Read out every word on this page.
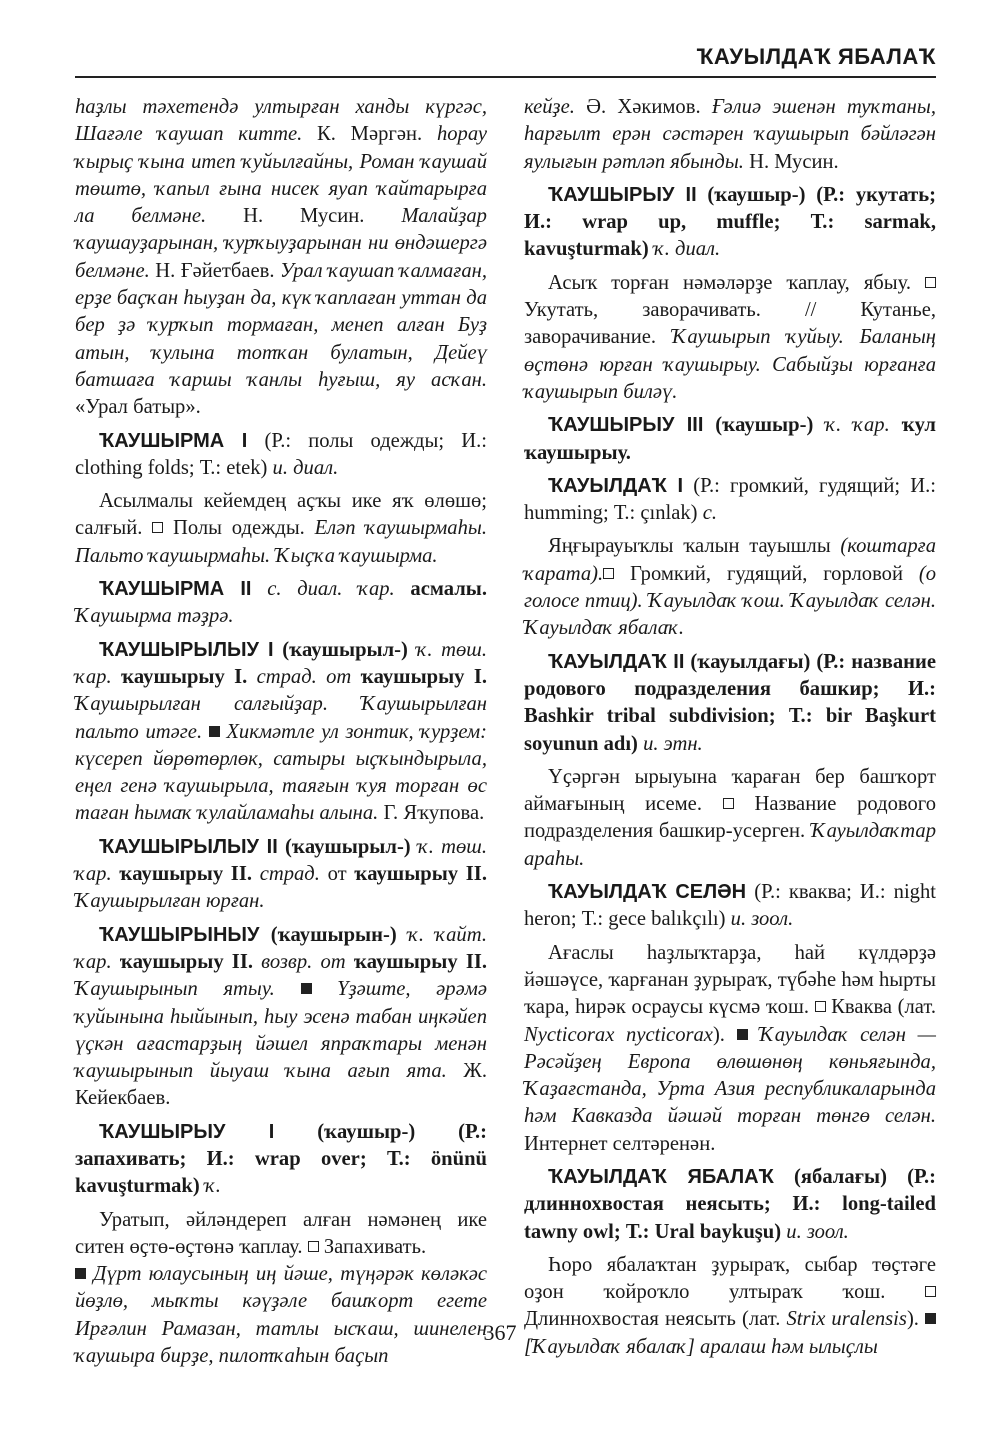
ҠАУЫЛДАҠ ЯБАЛАҠ

hаҙлы тәхетендә ултырған ханды күргәс, Шағәле ҡаушап китте. К. Мәргән. hорау ҡырыҫ ҡына итеп ҡуйылғайны, Роман ҡаушай төштө, ҡапыл ғына нисек яуап ҡайтарырға ла белмәне. Н. Мусин. Малайҙар ҡаушауҙарынан, ҡурҡыуҙарынан ни өндәшергә белмәне. Н. Ғәйетбаев. Урал ҡаушап ҡалмаған, ерҙе баҫҡан hыуҙан да, күк ҡаплаған уттан да бер ҙә ҡурҡып тормаған, менеп алған Буҙ атын, ҡулына тотҡан булатын, Дейеү батшаға ҡаршы ҡанлы hуғыш, яу асҡан. «Урал батыр».

ҠАУШЫРМА I (Р.: полы одежды; И.: clothing folds; Т.: etek) и. диал.

Асылмалы кейемдең аҫҡы ике яҡ өлөшө; салғый.  Полы одежды. Еләп ҡаушырмаhы. Пальто ҡаушырмаhы. Ҡыҫҡа ҡаушырма.

ҠАУШЫРМА II с. диал. ҡар. асмалы. Ҡаушырма тәҙрә.

ҠАУШЫРЫЛЫУ I (ҡаушырыл-) ҡ. төш. ҡар. ҡаушырыу I. страд. от ҡаушырыу I. Ҡаушырылған салғыйҙар. Ҡаушырылған пальто итәге.  Хикмәтле ул зонтик, ҡурҙем: күсереп йөрөтөрлөк, сатыры ыҫҡындырыла, еңел генә ҡаушырыла, таяғын ҡуя торған өс таған hымаҡ ҡулайламаhы алына. Г. Яҡупова.

ҠАУШЫРЫЛЫУ II (ҡаушырыл-) ҡ. төш. ҡар. ҡаушырыу II. страд. от ҡаушырыу II. Ҡаушырылған юрған.

ҠАУШЫРЫНЫУ (ҡаушырын-) ҡ. ҡайт. ҡар. ҡаушырыу II. возвр. от ҡаушырыу II. Ҡаушырынып ятыу.  Үҙәште, әрәмә ҡуйынына hыйынып, hыу эсенә табан иңкәйеп үҫкән ағастарҙың йәшел япраҡтары менән ҡаушырынып йыуаш ҡына ағып ята. Ж. Кейекбаев.

ҠАУШЫРЫУ I (ҡаушыр-) (Р.: запахивать; И.: wrap over; Т.: önünü kavuşturmak) ҡ.

Уратып, әйләндереп алған нәмәнең ике ситен өҫтө-өҫтөнә ҡаплау.  Запахивать.
Дүрт юлаусының иң йәше, түңәрәк көләкәс йөҙлө, мыҡты кәүҙәле башҡорт егете Ирғәлин Рамазан, татлы ысҡаш, шинелен ҡаушыра бирҙе, пилотҡаhын баҫып

кейҙе. Ә. Хәкимов. Ғәлиә эшенән туҡтаны, hарғылт ерән сәстәрен ҡаушырып бәйләгән яулығын рәтләп ябынды. Н. Мусин.

ҠАУШЫРЫУ II (ҡаушыр-) (Р.: укутать; И.: wrap up, muffle; Т.: sarmak, kavuşturmak) ҡ. диал.

Асыҡ торған нәмәләрҙе ҡаплау, ябыу.  Укутать, заворачивать. // Кутанье, заворачивание. Ҡаушырып ҡуйыу. Баланың өҫтөнә юрған ҡаушырыу. Сабыйҙы юрғанға ҡаушырып биләү.

ҠАУШЫРЫУ III (ҡаушыр-) ҡ. ҡар. ҡул ҡаушырыу.

ҠАУЫЛДАҠ I (Р.: громкий, гудящий; И.: humming; Т.: çınlak) с.

Яңғырауыҡлы ҡалын тауышлы (коштарға ҡарата). Громкий, гудящий, горловой (о голосе птиц). Ҡауылдаҡ ҡош. Ҡауылдаҡ селән. Ҡауылдаҡ ябалаҡ.

ҠАУЫЛДАҠ II (ҡауылдағы) (Р.: название родового подразделения башкир; И.: Bashkir tribal subdivision; Т.: bir Başkurt soyunun adı) и. этн.

Үҫәргән ырыуына ҡараған бер башҡорт аймағының исеме.  Название родового подразделения башкир-усерген. Ҡауылдаҡтар араhы.

ҠАУЫЛДАҠ СЕЛӘН (Р.: кваква; И.: night heron; Т.: gece balıkçılı) и. зоол.

Ағаслы hаҙлыҡтарҙа, hай күлдәрҙә йәшәүсе, ҡарғанан ҙурыраҡ, түбәhе һәм hырты ҡара, hирәк осраусы күсмә ҡош.  Кваква (лат. Nycticorax nycticorax).  Ҡауылдаҡ селән — Рәсәйҙең Европа өлөшөнөң көньяғында, Ҡаҙағстанда, Урта Азия республикаларында һәм Кавказда йәшәй торған төнгө селән. Интернет селтәренән.

ҠАУЫЛДАҠ ЯБАЛАҠ (ябалағы) (Р.: длиннохвостая неясыть; И.: long-tailed tawny owl; Т.: Ural baykuşu) и. зоол.

Һоро ябалаҡтан ҙурыраҡ, сыбар төҫтәге оҙон ҡойроҡло ултыраҡ ҡош.  Длиннохвостая неясыть (лат. Strix uralensis).  [Ҡауылдаҡ ябалаҡ] аралаш һәм ылыҫлы

367
